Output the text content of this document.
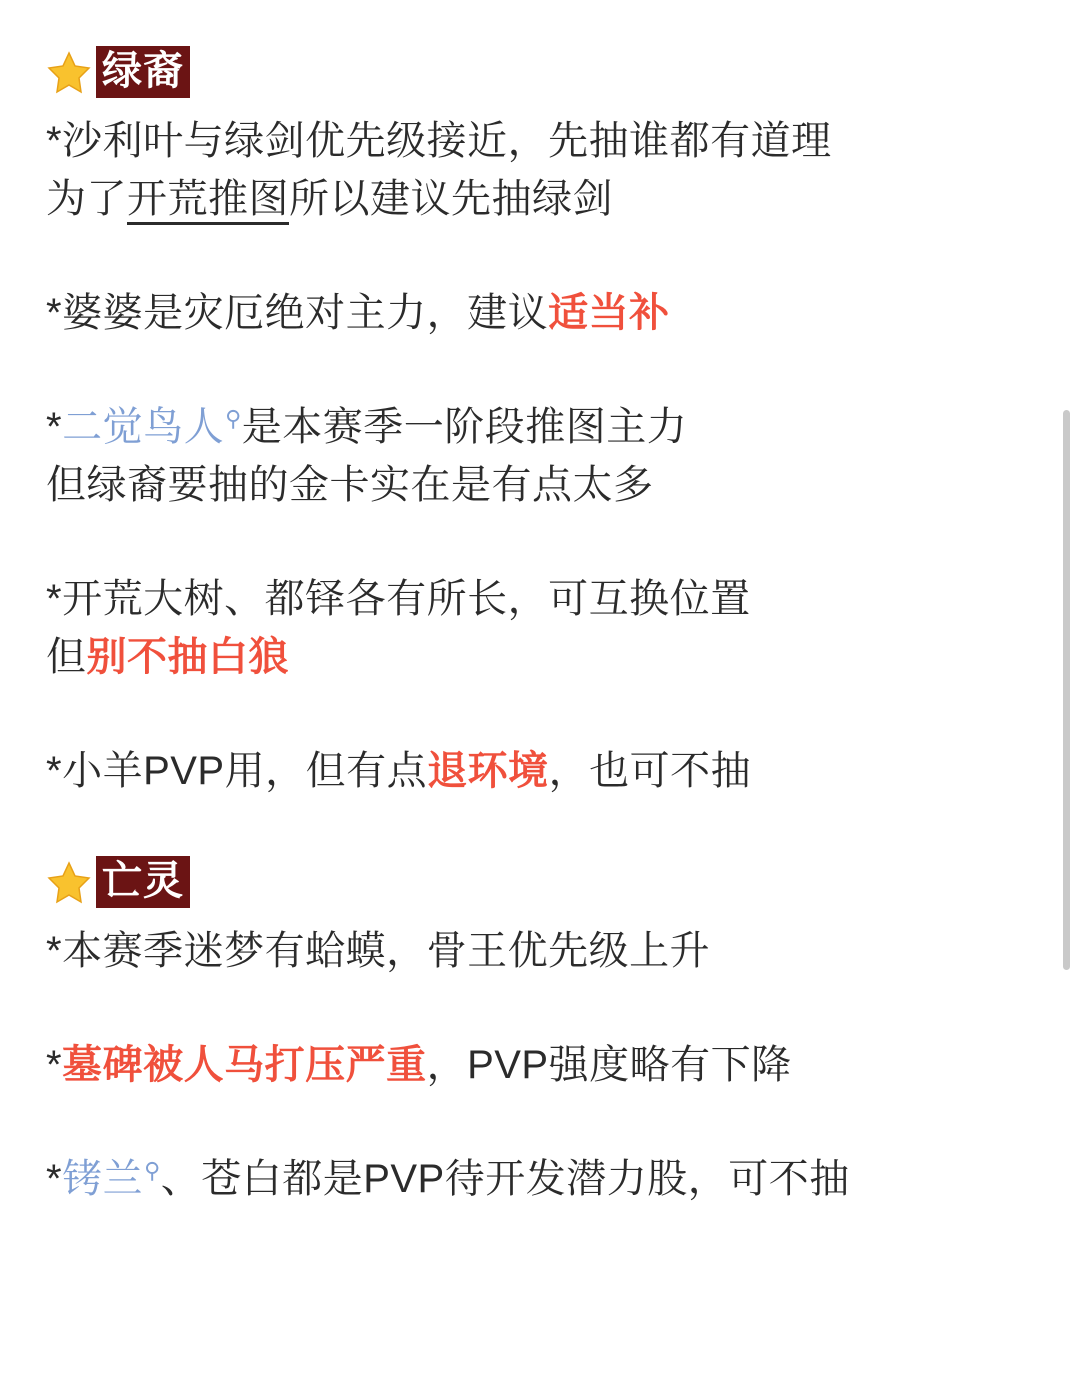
绿裔
*沙利叶与绿剑优先级接近，先抽谁都有道理
为了开荒推图所以建议先抽绿剑
*婆婆是灾厄绝对主力，建议适当补
*二觉鸟人⚲是本赛季一阶段推图主力
但绿裔要抽的金卡实在是有点太多
*开荒大树、都铎各有所长，可互换位置
但别不抽白狼
*小羊PVP用，但有点退环境，也可不抽
亡灵
*本赛季迷梦有蛤蟆，骨王优先级上升
*墓碑被人马打压严重，PVP强度略有下降
*铐兰⚲、苍白都是PVP待开发潜力股，可不抽
